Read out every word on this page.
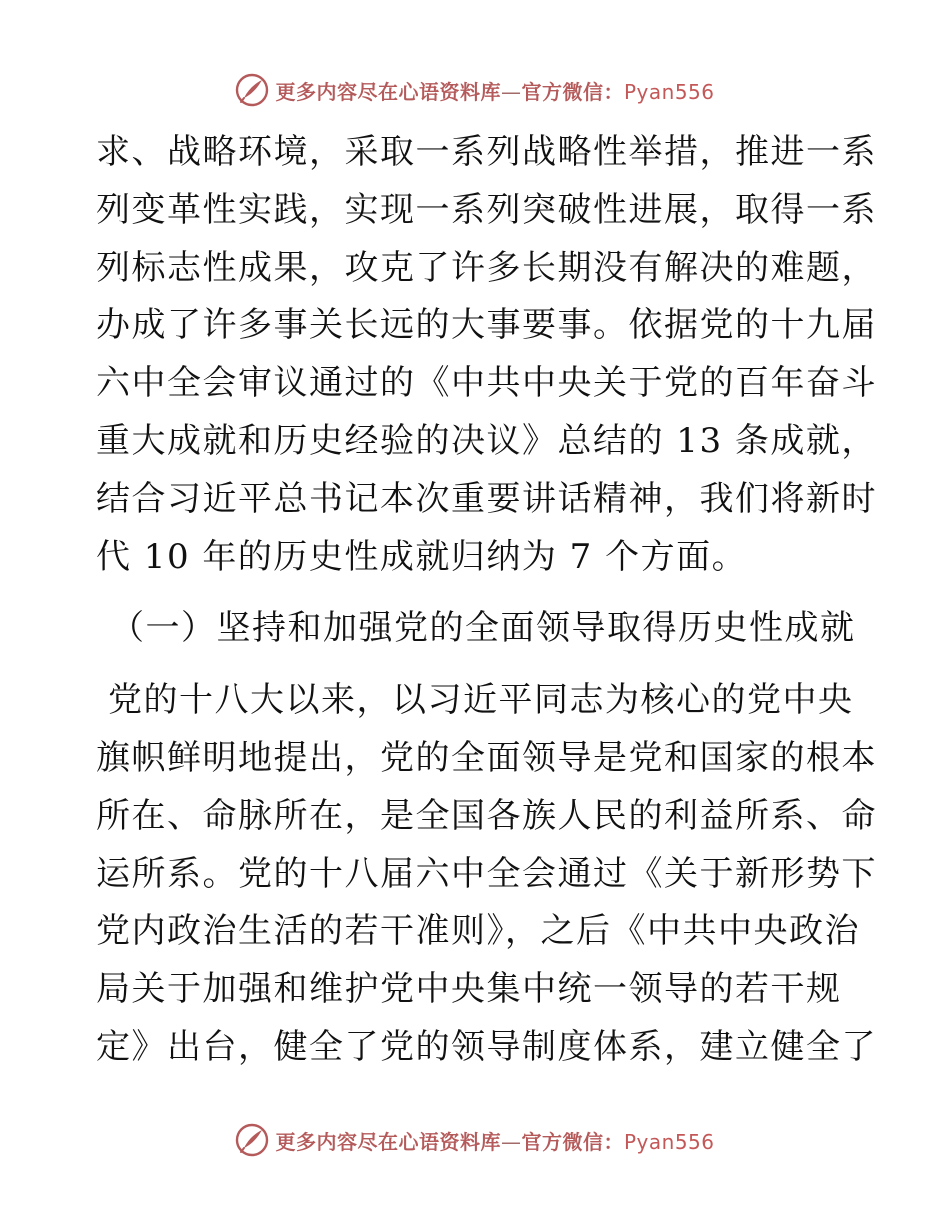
更多内容尽在心语资料库—官方微信：Pyan556
求、战略环境，采取一系列战略性举措，推进一系
列变革性实践，实现一系列突破性进展，取得一系
列标志性成果，攻克了许多长期没有解决的难题，
办成了许多事关长远的大事要事。依据党的十九届
六中全会审议通过的《中共中央关于党的百年奋斗
重大成就和历史经验的决议》总结的 13 条成就，
结合习近平总书记本次重要讲话精神，我们将新时
代 10 年的历史性成就归纳为 7 个方面。
（一）坚持和加强党的全面领导取得历史性成就
党的十八大以来，以习近平同志为核心的党中央
旗帜鲜明地提出，党的全面领导是党和国家的根本
所在、命脉所在，是全国各族人民的利益所系、命
运所系。党的十八届六中全会通过《关于新形势下
党内政治生活的若干准则》，之后《中共中央政治
局关于加强和维护党中央集中统一领导的若干规
定》出台，健全了党的领导制度体系，建立健全了
更多内容尽在心语资料库—官方微信：Pyan556
